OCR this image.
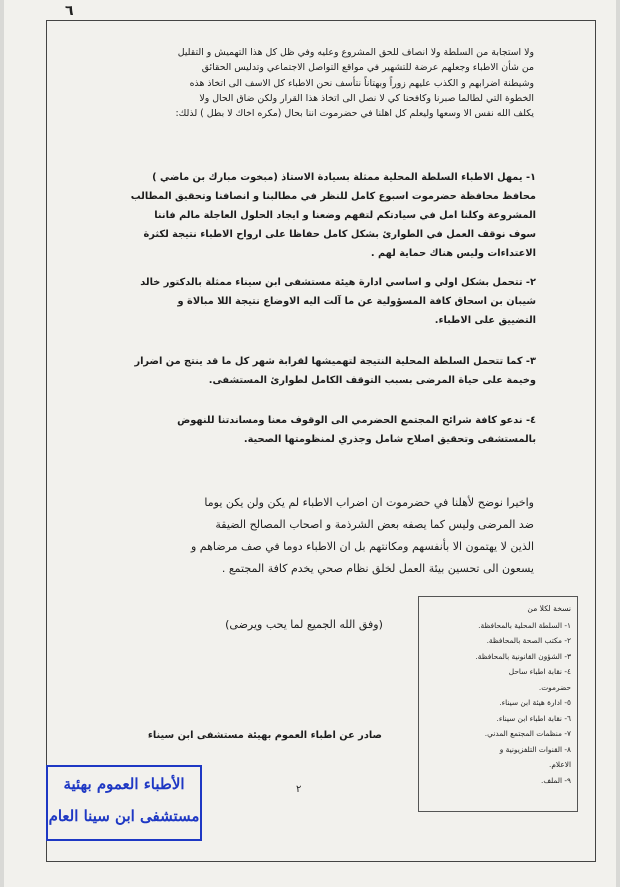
٦
ولا استجابة من السلطة ولا انصاف للحق المشروع وعليه وفي ظل كل هذا التهميش و التقليل
من شأن الاطباء وجعلهم عرضة للتشهير في مواقع التواصل الاجتماعي وتدليس الحقائق
وشيطنة اضرابهم و الكذب عليهم زوراً وبهتاناً نتأسف نحن الاطباء كل الاسف الى اتخاذ هذه
الخطوة التي لطالما صبرنا وكافحنا كي لا نصل الى اتخاذ هذا القرار ولكن ضاق الحال ولا
يكلف الله نفس الا وسعها وليعلم كل اهلنا في حضرموت اننا بحال (مكره اخاك لا بطل ) لذلك:
١- يمهل الاطباء السلطة المحلية ممثلة بسيادة الاستاذ (مبخوت مبارك بن ماضي )
محافظ محافظة حضرموت اسبوع كامل للنظر في مطالبنا و انصافنا وتحقيق المطالب
المشروعة وكلنا امل في سيادتكم لتفهم وضعنا و ايجاد الحلول العاجلة مالم فاننا
سوف نوقف العمل في الطوارئ بشكل كامل حفاظا على ارواح الاطباء نتيجة لكثرة
الاعتداءات وليس هناك حماية لهم .
٢- تتحمل بشكل اولي و اساسي ادارة هيئة مستشفى ابن سيناء ممثلة بالدكتور خالد
شيبان بن اسحاق كافة المسؤولية عن ما آلت اليه الاوضاع نتيجة اللا مبالاة و
التضييق على الاطباء.
٣- كما تتحمل السلطة المحلية النتيجة لتهميشها لقرابة شهر كل ما قد ينتج من اضرار
وخيمة على حياة المرضى بسبب التوقف الكامل لطوارئ المستشفى.
٤- ندعو كافة شرائح المجتمع الحضرمي الى الوقوف معنا ومساندتنا للنهوض
بالمستشفى وتحقيق اصلاح شامل وجذري لمنظومتها الصحية.
واخيرا نوضح لأهلنا في حضرموت ان اضراب الاطباء لم يكن ولن يكن يوما
ضد المرضى وليس كما يصفه بعض الشرذمة و اصحاب المصالح الضيقة
الذين لا يهتمون الا بأنفسهم ومكانتهم بل ان الاطباء دوما في صف مرضاهم و
يسعون الى تحسين بيئة العمل لخلق نظام صحي يخدم كافة المجتمع .
(وفق الله الجميع لما يحب ويرضى)
نسخة لكلا من
١- السلطة المحلية بالمحافظة.
٢- مكتب الصحة بالمحافظة.
٣- الشؤون القانونية بالمحافظة.
٤- نقابة اطباء ساحل
حضرموت.
٥- ادارة هيئة ابن سيناء.
٦- نقابة اطباء ابن سيناء.
٧- منظمات المجتمع المدني.
٨- القنوات التلفزيونية و
الاعلام.
٩- الملف.
صادر عن اطباء العموم بهيئة مستشفى ابن سيناء
الأطباء العموم بهئية
مستشفى ابن سينا العام
٢
